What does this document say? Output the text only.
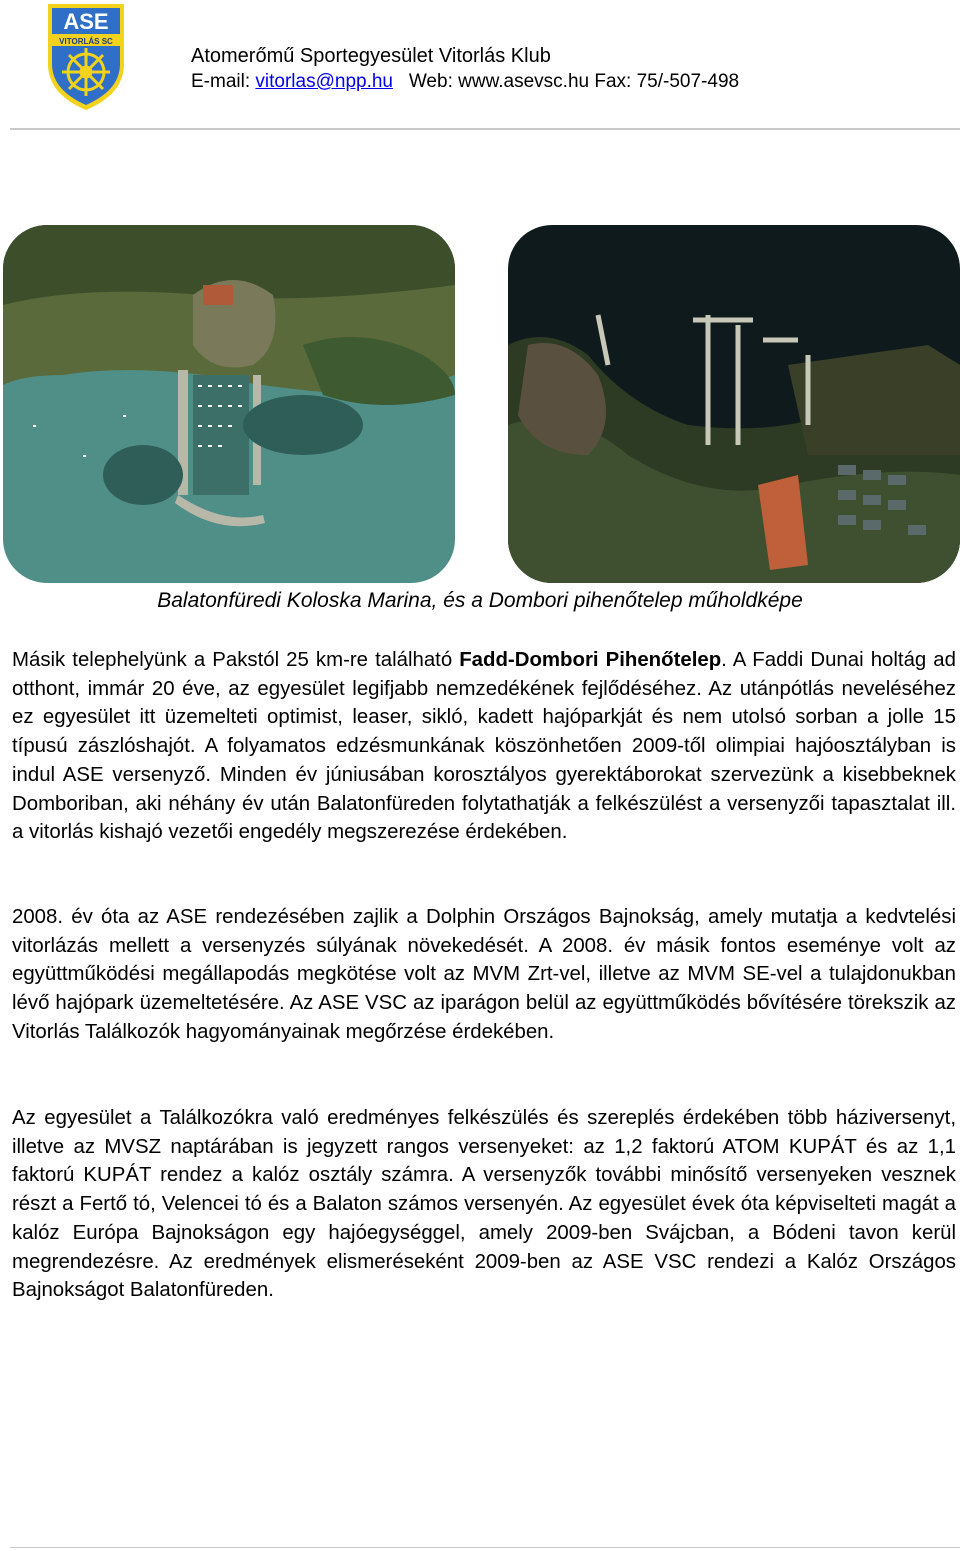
ASE
VITORLÁS SC
Atomerőmű Sportegyesület Vitorlás Klub
E-mail: vitorlas@npp.hu Web: www.asevsc.hu Fax: 75/-507-498
Balatonfüredi Koloska Marina, és a Dombori pihenőtelep műholdképe

Másik telephelyünk a Pakstól 25 km-re található Fadd-Dombori Pihenőtelep. A Faddi Dunai holtág ad otthont, immár 20 éve, az egyesület legifjabb nemzedékének fejlődéséhez. Az utánpótlás neveléséhez ez egyesület itt üzemelteti optimist, leaser, sikló, kadett hajóparkját és nem utolsó sorban a jolle 15 típusú zászlóshajót. A folyamatos edzésmunkának köszönhetően 2009-től olimpiai hajóosztályban is indul ASE versenyző. Minden év júniusában korosztályos gyerektáborokat szervezünk a kisebbeknek Domboriban, aki néhány év után Balatonfüreden folytathatják a felkészülést a versenyzői tapasztalat ill. a vitorlás kishajó vezetői engedély megszerezése érdekében.

2008. év óta az ASE rendezésében zajlik a Dolphin Országos Bajnokság, amely mutatja a kedvtelési vitorlázás mellett a versenyzés súlyának növekedését. A 2008. év másik fontos eseménye volt az együttműködési megállapodás megkötése volt az MVM Zrt-vel, illetve az MVM SE-vel a tulajdonukban lévő hajópark üzemeltetésére. Az ASE VSC az iparágon belül az együttműködés bővítésére törekszik az Vitorlás Találkozók hagyományainak megőrzése érdekében.

Az egyesület a Találkozókra való eredményes felkészülés és szereplés érdekében több háziversenyt, illetve az MVSZ naptárában is jegyzett rangos versenyeket: az 1,2 faktorú ATOM KUPÁT és az 1,1 faktorú KUPÁT rendez a kalóz osztály számra. A versenyzők további minősítő versenyeken vesznek részt a Fertő tó, Velencei tó és a Balaton számos versenyén. Az egyesület évek óta képviselteti magát a kalóz Európa Bajnokságon egy hajóegységgel, amely 2009-ben Svájcban, a Bódeni tavon kerül megrendezésre. Az eredmények elismeréseként 2009-ben az ASE VSC rendezi a Kalóz Országos Bajnokságot Balatonfüreden.
